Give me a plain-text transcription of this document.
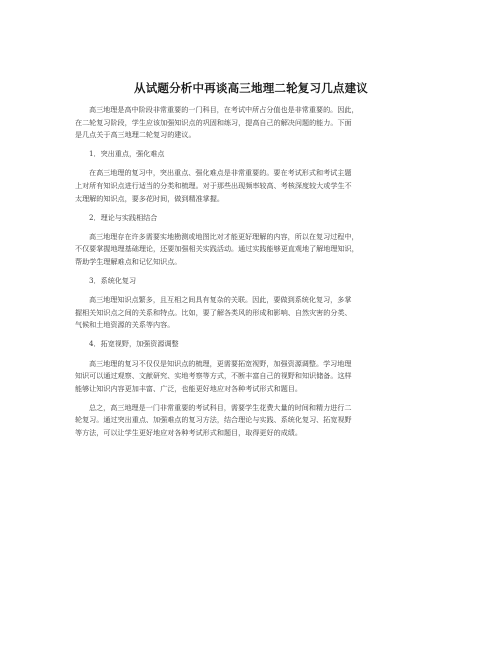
从试题分析中再谈高三地理二轮复习几点建议

高三地理是高中阶段非常重要的一门科目，在考试中所占分值也是非常重要的。因此，
在二轮复习阶段，学生应该加强知识点的巩固和练习，提高自己的解决问题的能力。下面
是几点关于高三地理二轮复习的建议。

1．突出重点，强化难点

在高三地理的复习中，突出重点、强化难点是非常重要的。要在考试形式和考试主题
上对所有知识点进行适当的分类和梳理。对于那些出现频率较高、考核深度较大或学生不
太理解的知识点，要多花时间，做到精准掌握。

2．理论与实践相结合

高三地理存在许多需要实地勘测或地图比对才能更好理解的内容，所以在复习过程中，
不仅要掌握地理基础理论，还要加强相关实践活动。通过实践能够更直观地了解地理知识，
帮助学生理解难点和记忆知识点。

3．系统化复习

高三地理知识点繁多，且互相之间具有复杂的关联。因此，要做到系统化复习，多掌
握相关知识点之间的关系和特点。比如，要了解各类风的形成和影响、自然灾害的分类、
气候和土地资源的关系等内容。

4．拓宽视野，加强资源调整

高三地理的复习不仅仅是知识点的梳理，更需要拓宽视野，加强资源调整。学习地理
知识可以通过观察、文献研究、实地考察等方式，不断丰富自己的视野和知识储备。这样
能够让知识内容更加丰富、广泛，也能更好地应对各种考试形式和题目。

总之，高三地理是一门非常重要的考试科目，需要学生花费大量的时间和精力进行二
轮复习。通过突出重点、加强难点的复习方法，结合理论与实践、系统化复习、拓宽视野
等方法，可以让学生更好地应对各种考试形式和题目，取得更好的成绩。
